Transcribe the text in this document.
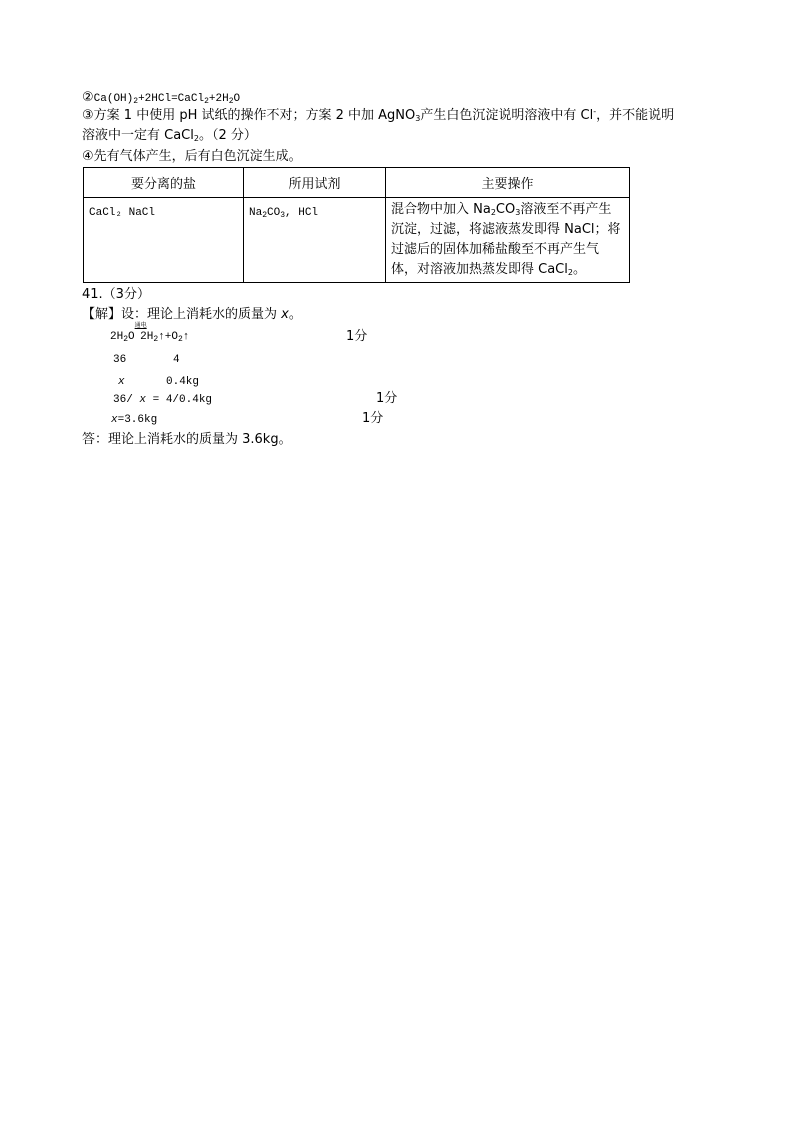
$②Ca(OH)_2+2HCl=CaCl_2+2H_2O$
③方案 1 中使用 pH 试纸的操作不对；方案 2 中加 AgNO$_3$产生白色沉淀说明溶液中有 Cl-，并不能说明
溶液中一定有 CaCl$_2$。（2 分）
④先有气体产生，后有白色沉淀生成。
要分离的盐	所用试剂	主要操作
CaCl₂ NaCl	$Na_2CO_3$, HCl	混合物中加入 $Na_2CO_3$溶液至不再产生沉淀，过滤，将滤液蒸发即得 NaCl；将过滤后的固体加稀盐酸至不再产生气体，对溶液加热蒸发即得 CaCl$_2$。
41.（3分）
【解】设：理论上消耗水的质量为 x。
$2H_2O$
通电
        $2H_2↑+O_2↑$	1分
36	4
x	0.4kg
36/ x = 4/0.4kg	1分
x=3.6kg	1分
答：理论上消耗水的质量为 3.6kg。
